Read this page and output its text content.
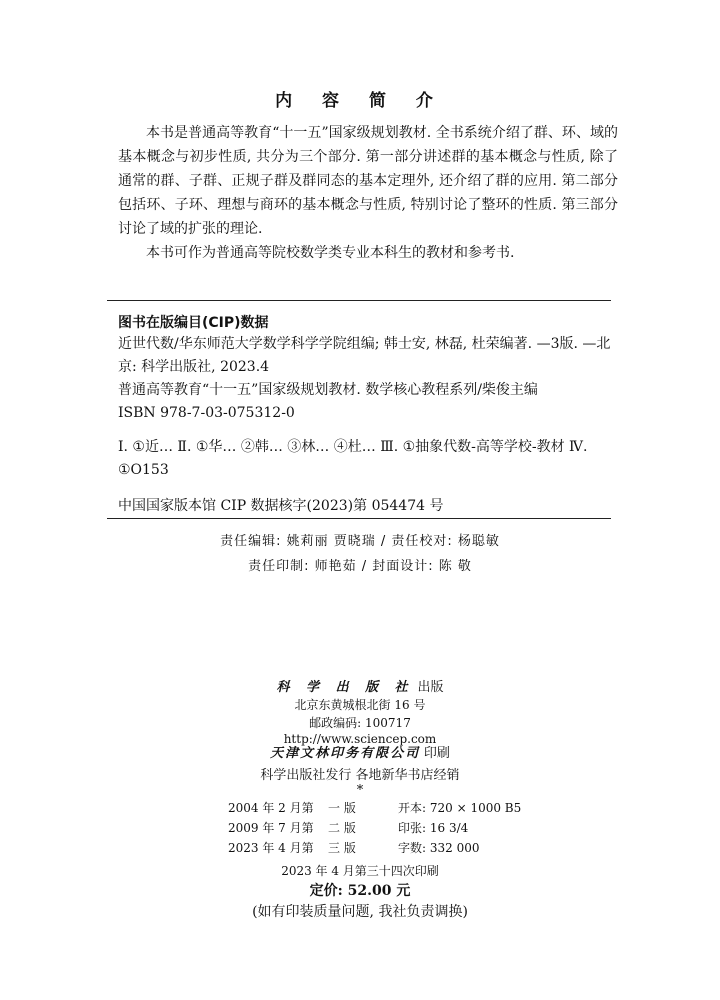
内 容 简 介

本书是普通高等教育“十一五”国家级规划教材. 全书系统介绍了群、环、域的基本概念与初步性质, 共分为三个部分. 第一部分讲述群的基本概念与性质, 除了通常的群、子群、正规子群及群同态的基本定理外, 还介绍了群的应用. 第二部分包括环、子环、理想与商环的基本概念与性质, 特别讨论了整环的性质. 第三部分讨论了域的扩张的理论.

本书可作为普通高等院校数学类专业本科生的教材和参考书.

图书在版编目(CIP)数据

近世代数/华东师范大学数学科学学院组编; 韩士安, 林磊, 杜荣编著. —3版. —北京: 科学出版社, 2023.4

普通高等教育“十一五”国家级规划教材. 数学核心教程系列/柴俊主编

ISBN 978-7-03-075312-0

Ⅰ. ①近… Ⅱ. ①华… ②韩… ③林… ④杜… Ⅲ. ①抽象代数-高等学校-教材 Ⅳ. ①O153
中国国家版本馆 CIP 数据核字(2023)第 054474 号
责任编辑: 姚莉丽 贾晓瑞 / 责任校对: 杨聪敏
责任印制: 师艳茹 / 封面设计: 陈 敬
科 学 出 版 社 出版
北京东黄城根北街 16 号
邮政编码: 100717
http://www.sciencep.com
天津文林印务有限公司 印刷
科学出版社发行 各地新华书店经销
*
2004 年 2 月第	一 版	开本: 720 × 1000 B5
2009 年 7 月第	二 版	印张: 16 3/4
2023 年 4 月第	三 版	字数: 332 000
2023 年 4 月第三十四次印刷
定价: 52.00 元
(如有印装质量问题, 我社负责调换)
